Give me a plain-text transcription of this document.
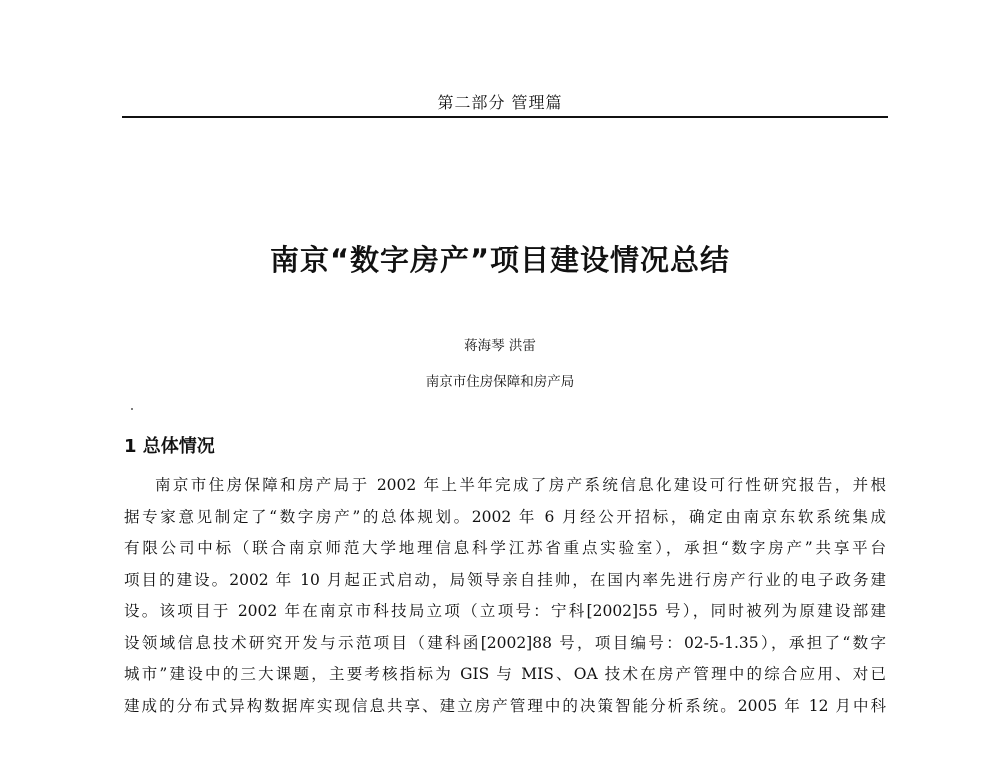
第二部分 管理篇
南京“数字房产”项目建设情况总结
蒋海琴 洪雷
南京市住房保障和房产局
1 总体情况
南京市住房保障和房产局于 2002 年上半年完成了房产系统信息化建设可行性研究报告，并根
据专家意见制定了“数字房产”的总体规划。2002 年 6 月经公开招标，确定由南京东软系统集成
有限公司中标（联合南京师范大学地理信息科学江苏省重点实验室），承担“数字房产”共享平台
项目的建设。2002 年 10 月起正式启动，局领导亲自挂帅，在国内率先进行房产行业的电子政务建
设。该项目于 2002 年在南京市科技局立项（立项号：宁科[2002]55 号），同时被列为原建设部建
设领域信息技术研究开发与示范项目（建科函[2002]88 号，项目编号：02-5-1.35），承担了“数字
城市”建设中的三大课题，主要考核指标为 GIS 与 MIS、OA 技术在房产管理中的综合应用、对已
建成的分布式异构数据库实现信息共享、建立房产管理中的决策智能分析系统。2005 年 12 月中科
